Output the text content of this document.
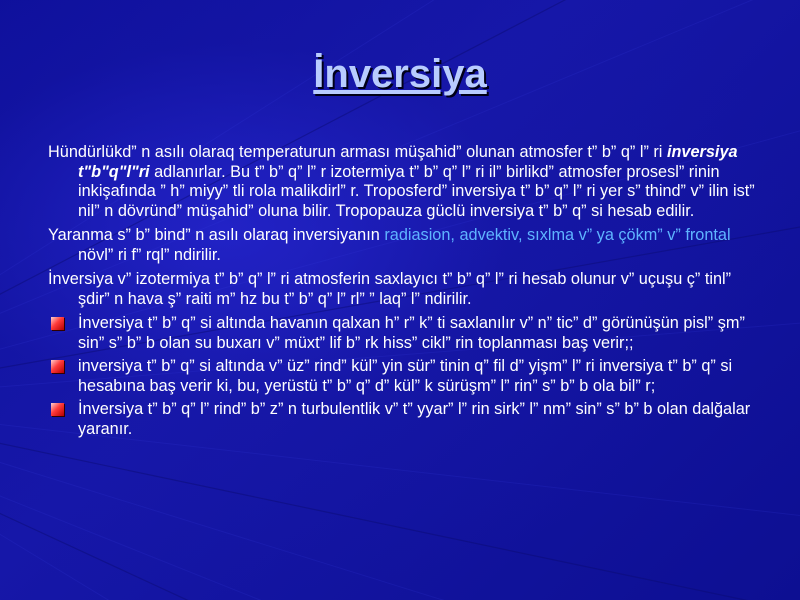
İnversiya

Hündürlükd” n asılı olaraq temperaturun arması müşahid” olunan atmosfer t” b” q” l” ri inversiya t"b"q"l"ri adlanırlar. Bu t” b” q” l” r izotermiya t” b” q” l” ri il” birlikd” atmosfer prosesl” rinin inkişafında ” h” miyy” tli rola malikdirl” r. Troposferd” inversiya t” b” q” l” ri yer s” thind” v” ilin ist” nil” n dövründ” müşahid” oluna bilir. Tropopauza güclü inversiya t” b” q” si hesab edilir.

Yaranma s” b” bind” n asılı olaraq inversiyanın radiasion, advektiv, sıxlma v” ya çökm” v” frontal növl” ri f” rql” ndirilir.

İnversiya v” izotermiya t” b” q” l” ri atmosferin saxlayıcı t” b” q” l” ri hesab olunur v” uçuşu ç” tinl” şdir” n hava ş” raiti m” hz bu t” b” q” l” rl” ” laq” l” ndirilir.

İnversiya t” b” q” si altında havanın qalxan h” r” k” ti saxlanılır v” n” tic” d” görünüşün pisl” şm” sin” s” b” b olan su buxarı v” müxt” lif b” rk hiss” cikl” rin toplanması baş verir;;
inversiya t” b” q” si altında v” üz” rind” kül” yin sür” tinin q” fil d” yişm” l” ri inversiya t” b” q” si hesabına baş verir ki, bu, yerüstü t” b” q” d” kül” k sürüşm” l” rin” s” b” b ola bil” r;
İnversiya t” b” q” l” rind” b” z” n turbulentlik v” t” yyar” l” rin sirk” l” nm” sin” s” b” b olan dalğalar yaranır.
